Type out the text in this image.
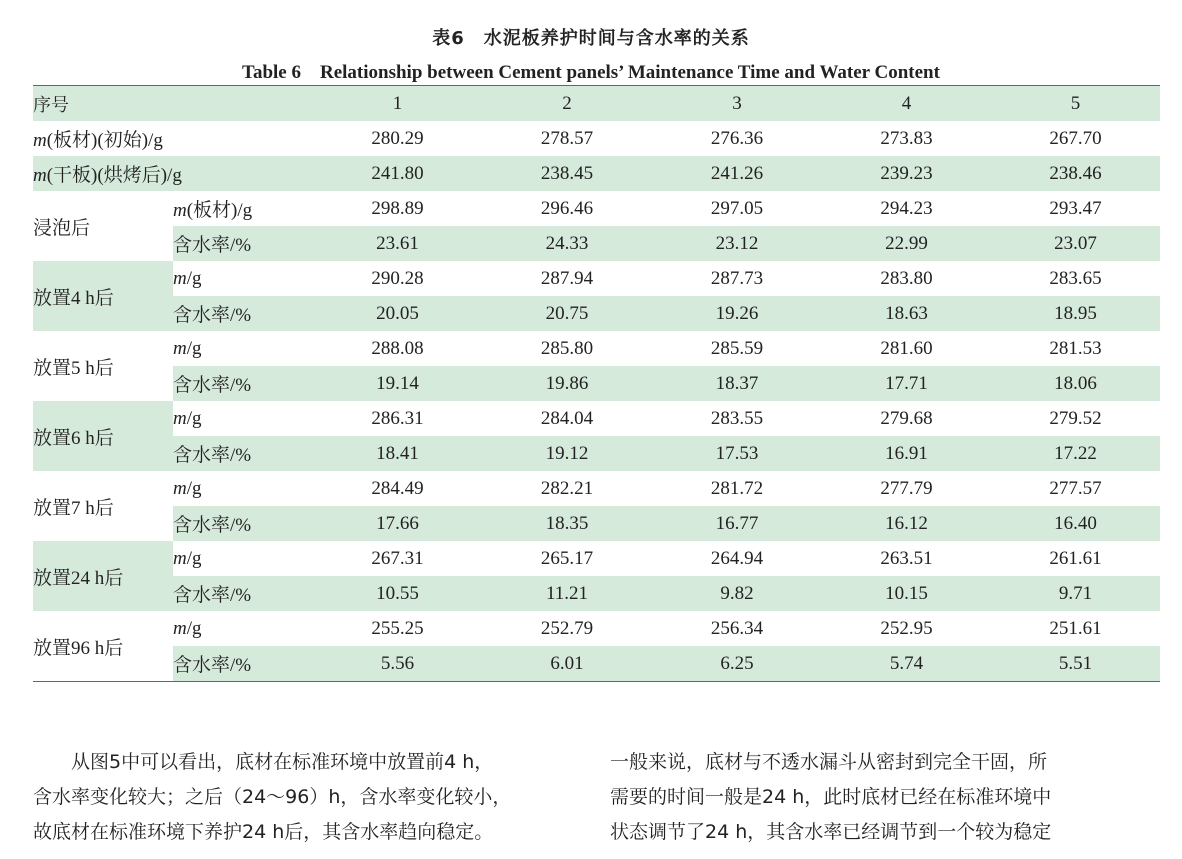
表6　水泥板养护时间与含水率的关系
Table 6　Relationship between Cement panels’ Maintenance Time and Water Content
序号		1	2	3	4	5
m(板材)(初始)/g		280.29	278.57	276.36	273.83	267.70
m(干板)(烘烤后)/g		241.80	238.45	241.26	239.23	238.46
浸泡后	m(板材)/g	298.89	296.46	297.05	294.23	293.47
	含水率/%	23.61	24.33	23.12	22.99	23.07
放置4 h后	m/g	290.28	287.94	287.73	283.80	283.65
	含水率/%	20.05	20.75	19.26	18.63	18.95
放置5 h后	m/g	288.08	285.80	285.59	281.60	281.53
	含水率/%	19.14	19.86	18.37	17.71	18.06
放置6 h后	m/g	286.31	284.04	283.55	279.68	279.52
	含水率/%	18.41	19.12	17.53	16.91	17.22
放置7 h后	m/g	284.49	282.21	281.72	277.79	277.57
	含水率/%	17.66	18.35	16.77	16.12	16.40
放置24 h后	m/g	267.31	265.17	264.94	263.51	261.61
	含水率/%	10.55	11.21	9.82	10.15	9.71
放置96 h后	m/g	255.25	252.79	256.34	252.95	251.61
	含水率/%	5.56	6.01	6.25	5.74	5.51
从图5中可以看出，底材在标准环境中放置前4 h，
含水率变化较大；之后（24～96）h，含水率变化较小，
故底材在标准环境下养护24 h后，其含水率趋向稳定。
一般来说，底材与不透水漏斗从密封到完全干固，所
需要的时间一般是24 h，此时底材已经在标准环境中
状态调节了24 h，其含水率已经调节到一个较为稳定
